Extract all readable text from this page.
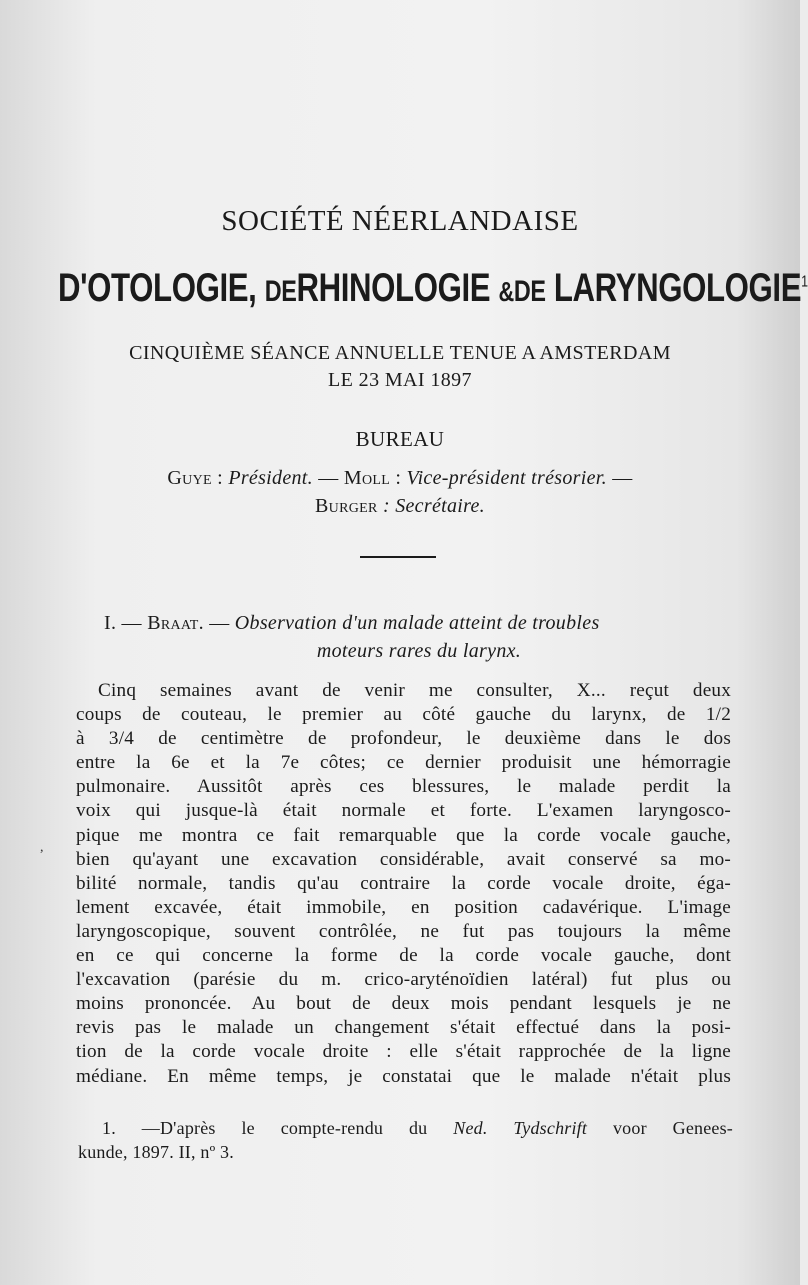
SOCIÉTÉ NÉERLANDAISE
D'OTOLOGIE, DERHINOLOGIE &DE LARYNGOLOGIE$^1$
CINQUIÈME SÉANCE ANNUELLE TENUE A AMSTERDAM
LE 23 MAI 1897
BUREAU
Guye : Président. — Moll : Vice-président trésorier. —
Burger : Secrétaire.
I. — Braat. — Observation d'un malade atteint de troubles
moteurs rares du larynx.
Cinq semaines avant de venir me consulter, X... reçut deux
coups de couteau, le premier au côté gauche du larynx, de 1/2
à 3/4 de centimètre de profondeur, le deuxième dans le dos
entre la 6e et la 7e côtes; ce dernier produisit une hémorragie
pulmonaire. Aussitôt après ces blessures, le malade perdit la
voix qui jusque-là était normale et forte. L'examen laryngosco-
pique me montra ce fait remarquable que la corde vocale gauche,
bien qu'ayant une excavation considérable, avait conservé sa mo-
bilité normale, tandis qu'au contraire la corde vocale droite, éga-
lement excavée, était immobile, en position cadavérique. L'image
laryngoscopique, souvent contrôlée, ne fut pas toujours la même
en ce qui concerne la forme de la corde vocale gauche, dont
l'excavation (parésie du m. crico-aryténoïdien latéral) fut plus ou
moins prononcée. Au bout de deux mois pendant lesquels je ne
revis pas le malade un changement s'était effectué dans la posi-
tion de la corde vocale droite : elle s'était rapprochée de la ligne
médiane. En même temps, je constatai que le malade n'était plus
,
1. —D'après le compte-rendu du Ned. Tydschrift voor Genees-
kunde, 1897. II, nº 3.
